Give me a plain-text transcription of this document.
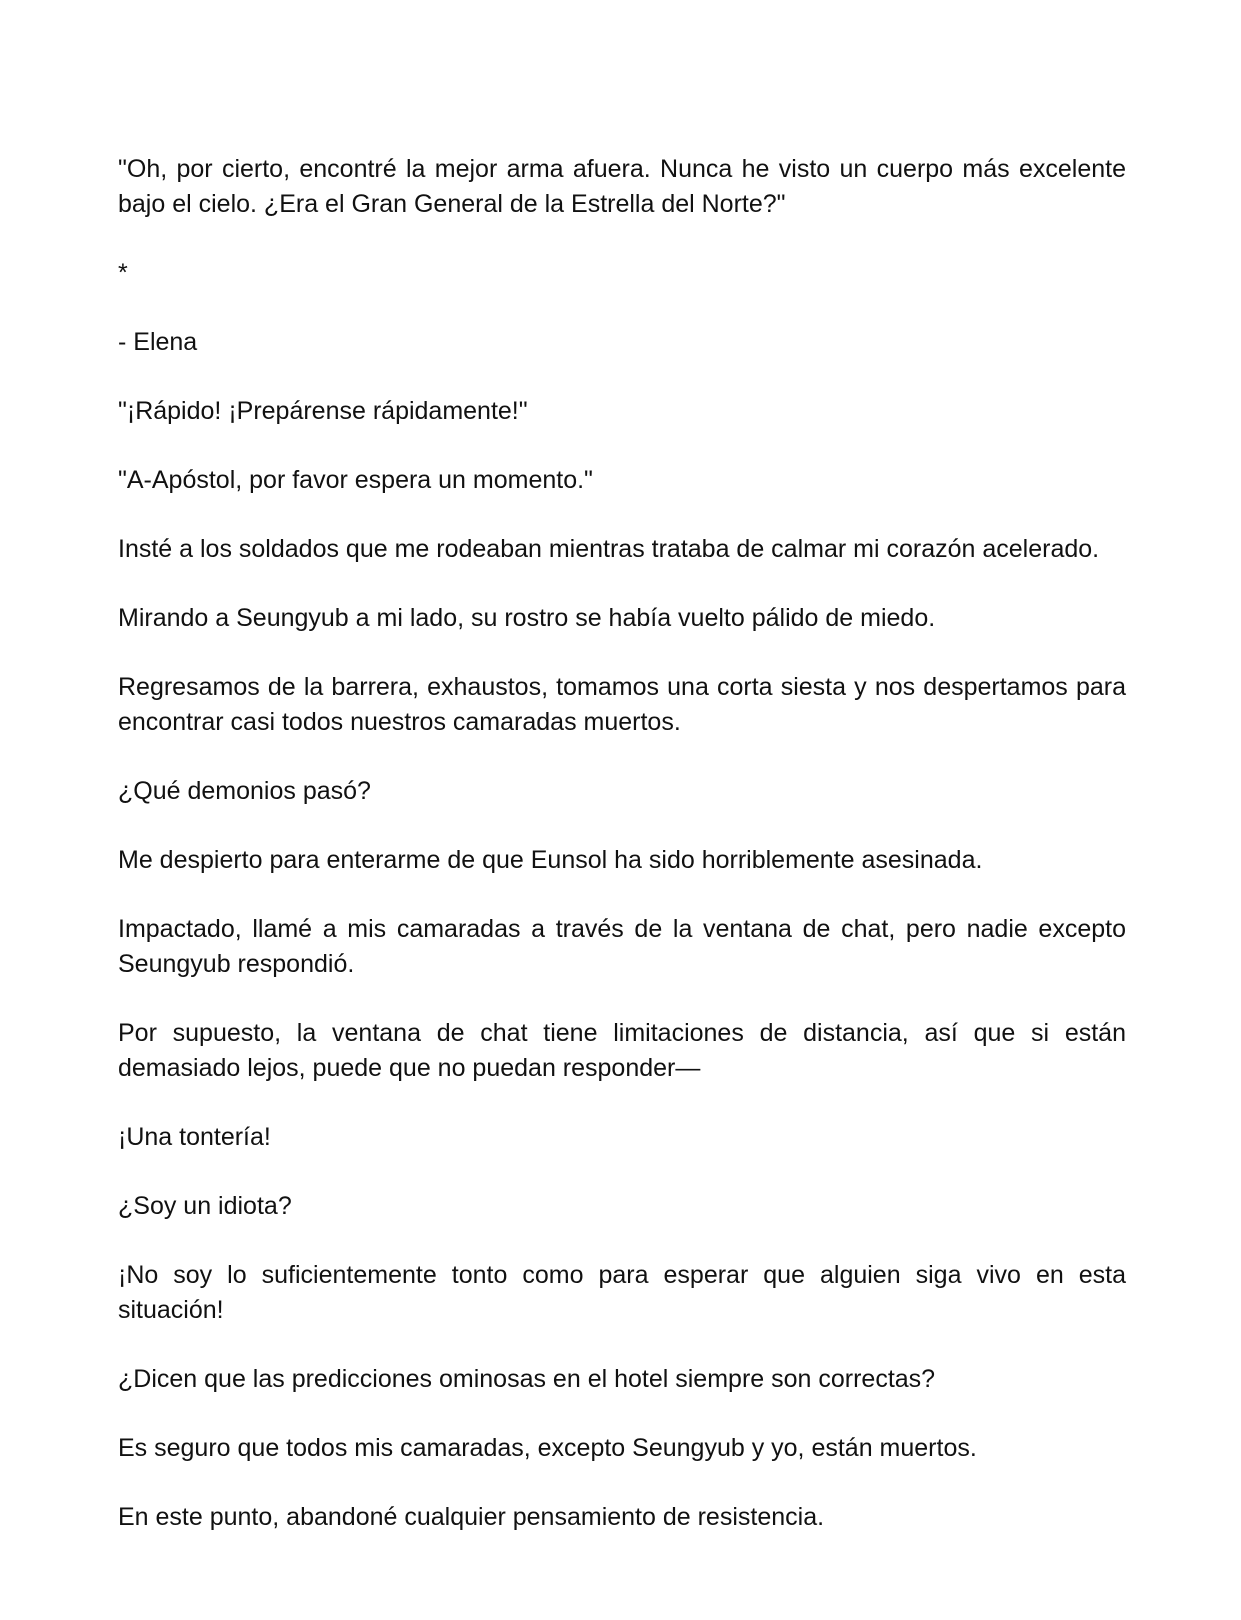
"Oh, por cierto, encontré la mejor arma afuera. Nunca he visto un cuerpo más excelente bajo el cielo. ¿Era el Gran General de la Estrella del Norte?"

*

- Elena

"¡Rápido! ¡Prepárense rápidamente!"

"A-Apóstol, por favor espera un momento."

Insté a los soldados que me rodeaban mientras trataba de calmar mi corazón acelerado.

Mirando a Seungyub a mi lado, su rostro se había vuelto pálido de miedo.

Regresamos de la barrera, exhaustos, tomamos una corta siesta y nos despertamos para encontrar casi todos nuestros camaradas muertos.

¿Qué demonios pasó?

Me despierto para enterarme de que Eunsol ha sido horriblemente asesinada.

Impactado, llamé a mis camaradas a través de la ventana de chat, pero nadie excepto Seungyub respondió.

Por supuesto, la ventana de chat tiene limitaciones de distancia, así que si están demasiado lejos, puede que no puedan responder—

¡Una tontería!

¿Soy un idiota?

¡No soy lo suficientemente tonto como para esperar que alguien siga vivo en esta situación!

¿Dicen que las predicciones ominosas en el hotel siempre son correctas?

Es seguro que todos mis camaradas, excepto Seungyub y yo, están muertos.

En este punto, abandoné cualquier pensamiento de resistencia.
